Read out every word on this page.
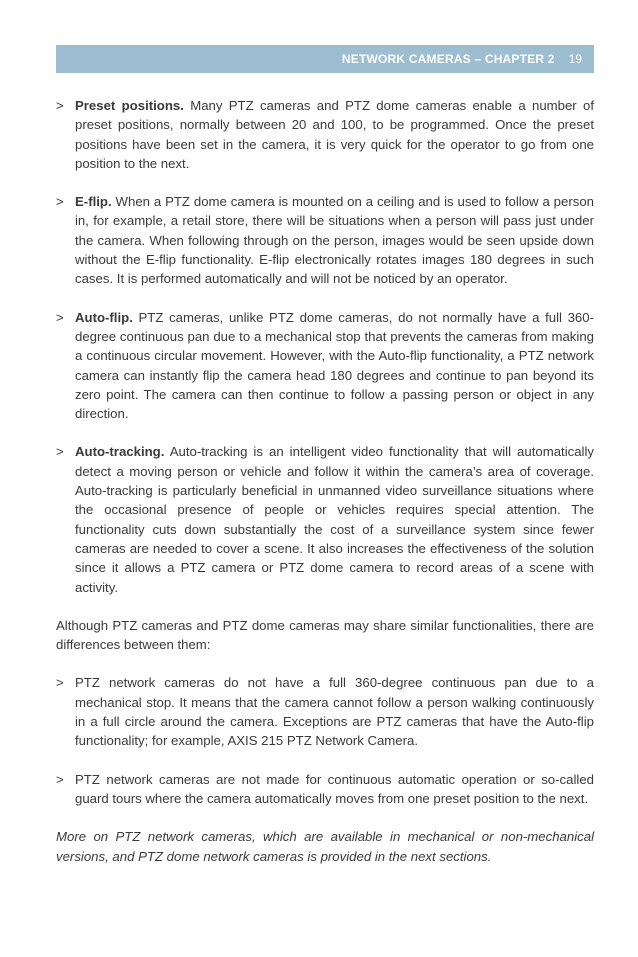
NETWORK CAMERAS – CHAPTER 2 19
> Preset positions. Many PTZ cameras and PTZ dome cameras enable a number of preset positions, normally between 20 and 100, to be programmed. Once the preset positions have been set in the camera, it is very quick for the operator to go from one position to the next.
> E-flip. When a PTZ dome camera is mounted on a ceiling and is used to follow a person in, for example, a retail store, there will be situations when a person will pass just under the camera. When following through on the person, images would be seen upside down without the E-flip functionality. E-flip electronically rotates images 180 degrees in such cases. It is performed automatically and will not be noticed by an operator.
> Auto-flip. PTZ cameras, unlike PTZ dome cameras, do not normally have a full 360-degree continuous pan due to a mechanical stop that prevents the cameras from making a continuous circular movement. However, with the Auto-flip functionality, a PTZ network camera can instantly flip the camera head 180 degrees and continue to pan beyond its zero point. The camera can then continue to follow a passing person or object in any direction.
> Auto-tracking. Auto-tracking is an intelligent video functionality that will automatically detect a moving person or vehicle and follow it within the camera’s area of coverage. Auto-tracking is particularly beneficial in unmanned video surveillance situations where the occasional presence of people or vehicles requires special attention. The functionality cuts down substantially the cost of a surveillance system since fewer cameras are needed to cover a scene. It also increases the effectiveness of the solution since it allows a PTZ camera or PTZ dome camera to record areas of a scene with activity.

Although PTZ cameras and PTZ dome cameras may share similar functionalities, there are differences between them:

> PTZ network cameras do not have a full 360-degree continuous pan due to a mechanical stop. It means that the camera cannot follow a person walking continuously in a full circle around the camera. Exceptions are PTZ cameras that have the Auto-flip functionality; for example, AXIS 215 PTZ Network Camera.
> PTZ network cameras are not made for continuous automatic operation or so-called guard tours where the camera automatically moves from one preset position to the next.

More on PTZ network cameras, which are available in mechanical or non-mechanical versions, and PTZ dome network cameras is provided in the next sections.
